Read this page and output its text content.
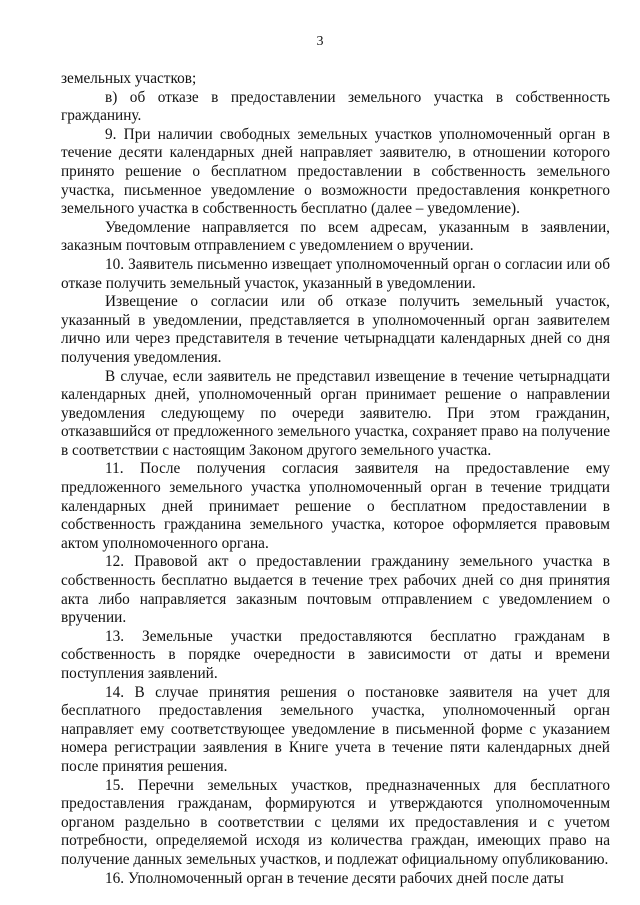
3

земельных участков;

в) об отказе в предоставлении земельного участка в собственность гражданину.

9. При наличии свободных земельных участков уполномоченный орган в течение десяти календарных дней направляет заявителю, в отношении которого принято решение о бесплатном предоставлении в собственность земельного участка, письменное уведомление о возможности предоставления конкретного земельного участка в собственность бесплатно (далее – уведомление).

Уведомление направляется по всем адресам, указанным в заявлении, заказным почтовым отправлением с уведомлением о вручении.

10. Заявитель письменно извещает уполномоченный орган о согласии или об отказе получить земельный участок, указанный в уведомлении.

Извещение о согласии или об отказе получить земельный участок, указанный в уведомлении, представляется в уполномоченный орган заявителем лично или через представителя в течение четырнадцати календарных дней со дня получения уведомления.

В случае, если заявитель не представил извещение в течение четырнадцати календарных дней, уполномоченный орган принимает решение о направлении уведомления следующему по очереди заявителю. При этом гражданин, отказавшийся от предложенного земельного участка, сохраняет право на получение в соответствии с настоящим Законом другого земельного участка.

11. После получения согласия заявителя на предоставление ему предложенного земельного участка уполномоченный орган в течение тридцати календарных дней принимает решение о бесплатном предоставлении в собственность гражданина земельного участка, которое оформляется правовым актом уполномоченного органа.

12. Правовой акт о предоставлении гражданину земельного участка в собственность бесплатно выдается в течение трех рабочих дней со дня принятия акта либо направляется заказным почтовым отправлением с уведомлением о вручении.

13. Земельные участки предоставляются бесплатно гражданам в собственность в порядке очередности в зависимости от даты и времени поступления заявлений.

14. В случае принятия решения о постановке заявителя на учет для бесплатного предоставления земельного участка, уполномоченный орган направляет ему соответствующее уведомление в письменной форме с указанием номера регистрации заявления в Книге учета в течение пяти календарных дней после принятия решения.

15. Перечни земельных участков, предназначенных для бесплатного предоставления гражданам, формируются и утверждаются уполномоченным органом раздельно в соответствии с целями их предоставления и с учетом потребности, определяемой исходя из количества граждан, имеющих право на получение данных земельных участков, и подлежат официальному опубликованию.

16. Уполномоченный орган в течение десяти рабочих дней после даты
